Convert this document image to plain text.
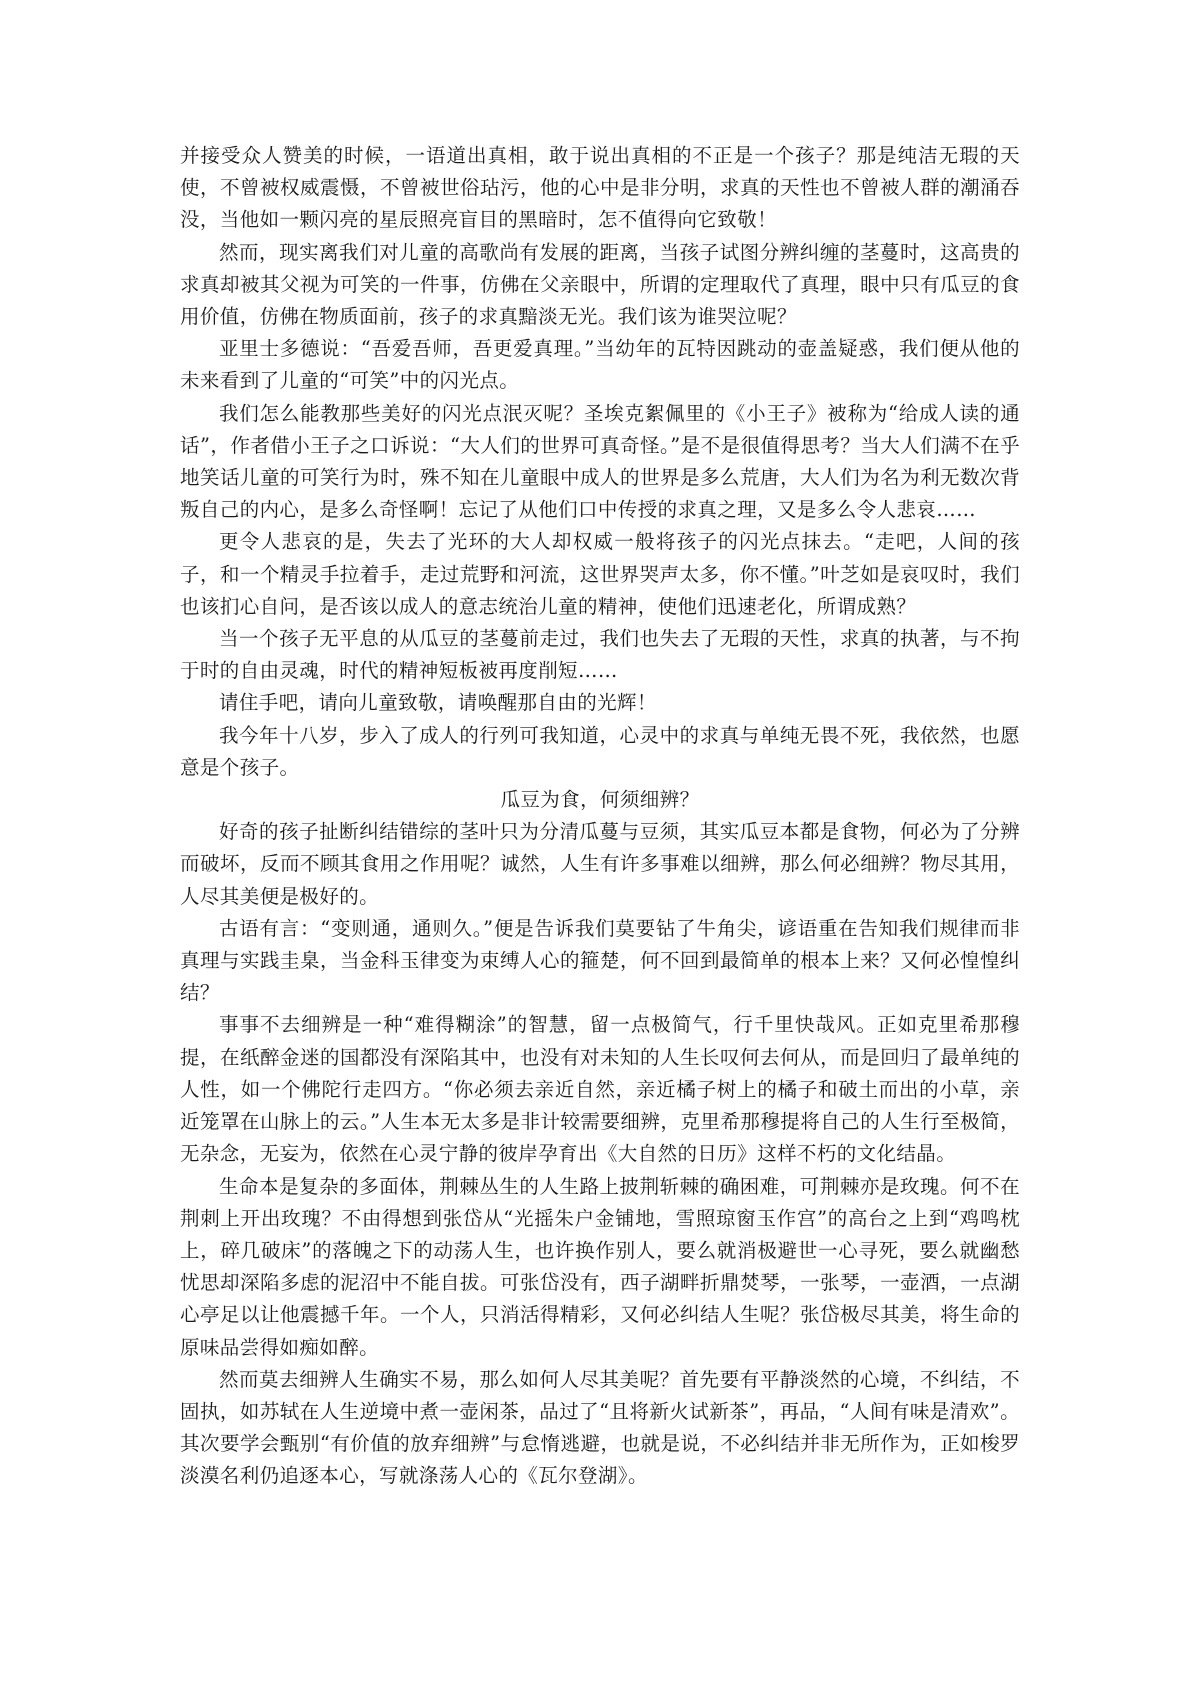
并接受众人赞美的时候，一语道出真相，敢于说出真相的不正是一个孩子？那是纯洁无瑕的天使，不曾被权威震慑，不曾被世俗玷污，他的心中是非分明，求真的天性也不曾被人群的潮涌吞没，当他如一颗闪亮的星辰照亮盲目的黑暗时，怎不值得向它致敬！

然而，现实离我们对儿童的高歌尚有发展的距离，当孩子试图分辨纠缠的茎蔓时，这高贵的求真却被其父视为可笑的一件事，仿佛在父亲眼中，所谓的定理取代了真理，眼中只有瓜豆的食用价值，仿佛在物质面前，孩子的求真黯淡无光。我们该为谁哭泣呢？

亚里士多德说：“吾爱吾师，吾更爱真理。”当幼年的瓦特因跳动的壶盖疑惑，我们便从他的未来看到了儿童的“可笑”中的闪光点。

我们怎么能教那些美好的闪光点泯灭呢？圣埃克絮佩里的《小王子》被称为“给成人读的通话”，作者借小王子之口诉说：“大人们的世界可真奇怪。”是不是很值得思考？当大人们满不在乎地笑话儿童的可笑行为时，殊不知在儿童眼中成人的世界是多么荒唐，大人们为名为利无数次背叛自己的内心，是多么奇怪啊！忘记了从他们口中传授的求真之理，又是多么令人悲哀……

更令人悲哀的是，失去了光环的大人却权威一般将孩子的闪光点抹去。“走吧，人间的孩子，和一个精灵手拉着手，走过荒野和河流，这世界哭声太多，你不懂。”叶芝如是哀叹时，我们也该扪心自问，是否该以成人的意志统治儿童的精神，使他们迅速老化，所谓成熟？

当一个孩子无平息的从瓜豆的茎蔓前走过，我们也失去了无瑕的天性，求真的执著，与不拘于时的自由灵魂，时代的精神短板被再度削短……

请住手吧，请向儿童致敬，请唤醒那自由的光辉！

我今年十八岁，步入了成人的行列可我知道，心灵中的求真与单纯无畏不死，我依然，也愿意是个孩子。

瓜豆为食，何须细辨？

好奇的孩子扯断纠结错综的茎叶只为分清瓜蔓与豆须，其实瓜豆本都是食物，何必为了分辨而破坏，反而不顾其食用之作用呢？诚然，人生有许多事难以细辨，那么何必细辨？物尽其用，人尽其美便是极好的。

古语有言：“变则通，通则久。”便是告诉我们莫要钻了牛角尖，谚语重在告知我们规律而非真理与实践圭臬，当金科玉律变为束缚人心的箍楚，何不回到最简单的根本上来？又何必惶惶纠结？

事事不去细辨是一种“难得糊涂”的智慧，留一点极简气，行千里快哉风。正如克里希那穆提，在纸醉金迷的国都没有深陷其中，也没有对未知的人生长叹何去何从，而是回归了最单纯的人性，如一个佛陀行走四方。“你必须去亲近自然，亲近橘子树上的橘子和破土而出的小草，亲近笼罩在山脉上的云。”人生本无太多是非计较需要细辨，克里希那穆提将自己的人生行至极简，无杂念，无妄为，依然在心灵宁静的彼岸孕育出《大自然的日历》这样不朽的文化结晶。

生命本是复杂的多面体，荆棘丛生的人生路上披荆斩棘的确困难，可荆棘亦是玫瑰。何不在荆刺上开出玫瑰？不由得想到张岱从“光摇朱户金铺地，雪照琼窗玉作宫”的高台之上到“鸡鸣枕上，碎几破床”的落魄之下的动荡人生，也许换作别人，要么就消极避世一心寻死，要么就幽愁忧思却深陷多虑的泥沼中不能自拔。可张岱没有，西子湖畔折鼎焚琴，一张琴，一壶酒，一点湖心亭足以让他震撼千年。一个人，只消活得精彩，又何必纠结人生呢？张岱极尽其美，将生命的原味品尝得如痴如醉。

然而莫去细辨人生确实不易，那么如何人尽其美呢？首先要有平静淡然的心境，不纠结，不固执，如苏轼在人生逆境中煮一壶闲茶，品过了“且将新火试新茶”，再品，“人间有味是清欢”。其次要学会甄别“有价值的放弃细辨”与怠惰逃避，也就是说，不必纠结并非无所作为，正如梭罗淡漠名利仍追逐本心，写就涤荡人心的《瓦尔登湖》。
